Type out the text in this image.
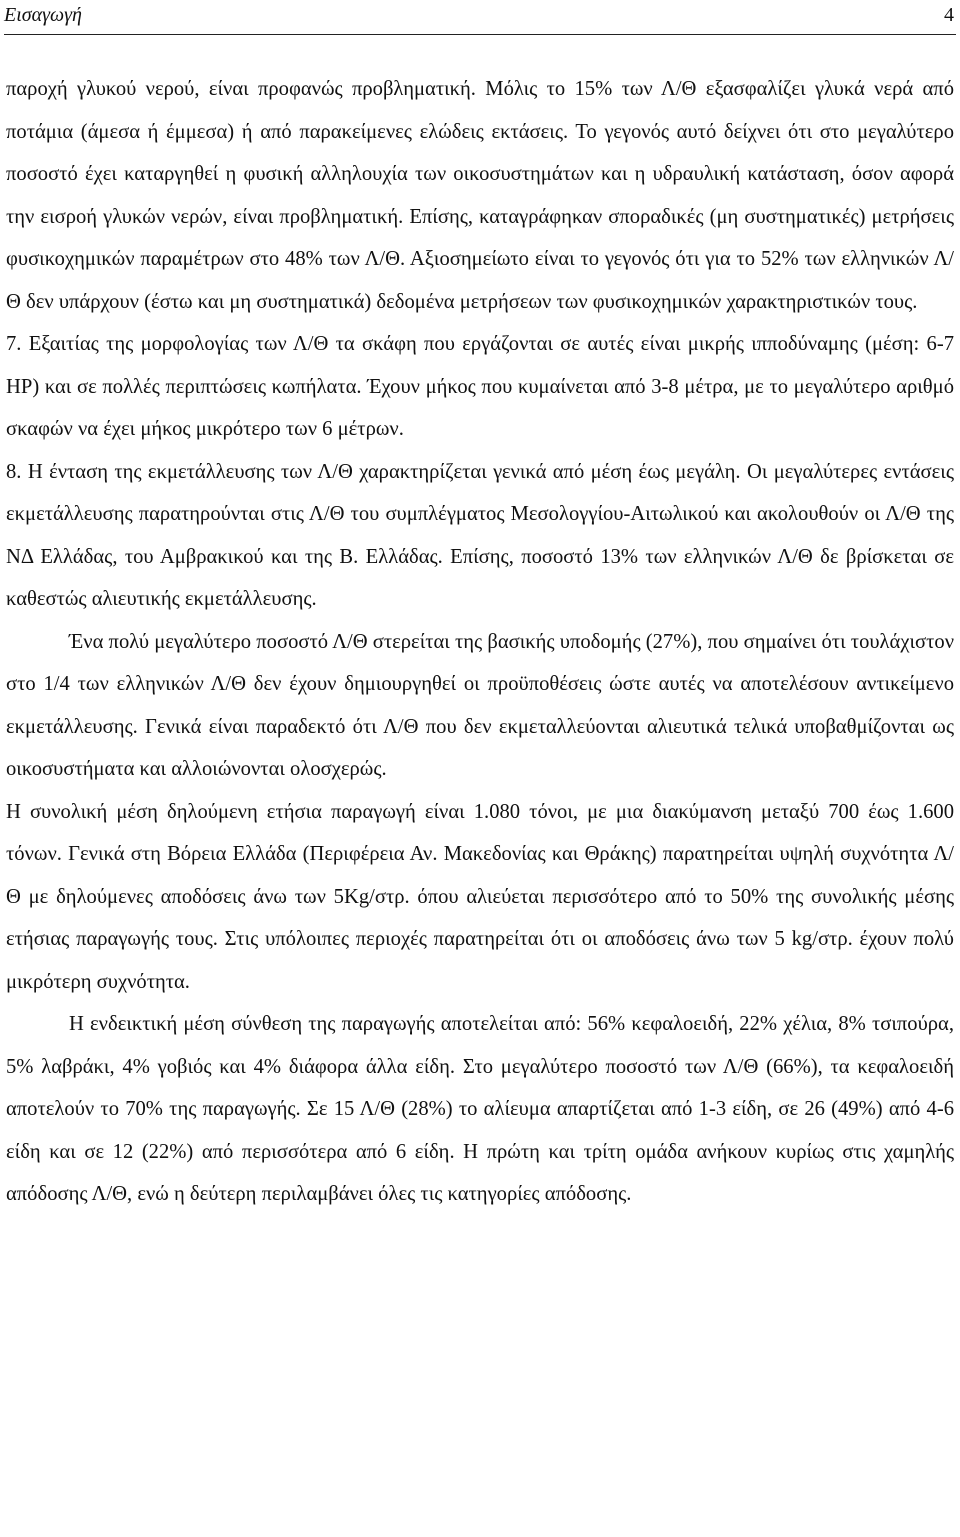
Εισαγωγή	4

παροχή γλυκού νερού, είναι προφανώς προβληματική. Μόλις το 15% των Λ/Θ εξασφαλίζει γλυκά νερά από ποτάμια (άμεσα ή έμμεσα) ή από παρακείμενες ελώδεις εκτάσεις. Το γεγονός αυτό δείχνει ότι στο μεγαλύτερο ποσοστό έχει καταργηθεί η φυσική αλληλουχία των οικοσυστημάτων και η υδραυλική κατάσταση, όσον αφορά την εισροή γλυκών νερών, είναι προβληματική. Επίσης, καταγράφηκαν σποραδικές (μη συστηματικές) μετρήσεις φυσικοχημικών παραμέτρων στο 48% των Λ/Θ. Αξιοσημείωτο είναι το γεγονός ότι για το 52% των ελληνικών Λ/Θ δεν υπάρχουν (έστω και μη συστηματικά) δεδομένα μετρήσεων των φυσικοχημικών χαρακτηριστικών τους.

7. Εξαιτίας της μορφολογίας των Λ/Θ τα σκάφη που εργάζονται σε αυτές είναι μικρής ιπποδύναμης (μέση: 6-7 HP) και σε πολλές περιπτώσεις κωπήλατα. Έχουν μήκος που κυμαίνεται από 3-8 μέτρα, με το μεγαλύτερο αριθμό σκαφών να έχει μήκος μικρότερο των 6 μέτρων.

8. Η ένταση της εκμετάλλευσης των Λ/Θ χαρακτηρίζεται γενικά από μέση έως μεγάλη. Οι μεγαλύτερες εντάσεις εκμετάλλευσης παρατηρούνται στις Λ/Θ του συμπλέγματος Μεσολογγίου-Αιτωλικού και ακολουθούν οι Λ/Θ της ΝΔ Ελλάδας, του Αμβρακικού και της Β. Ελλάδας. Επίσης, ποσοστό 13% των ελληνικών Λ/Θ δε βρίσκεται σε καθεστώς αλιευτικής εκμετάλλευσης.

Ένα πολύ μεγαλύτερο ποσοστό Λ/Θ στερείται της βασικής υποδομής (27%), που σημαίνει ότι τουλάχιστον στο 1/4 των ελληνικών Λ/Θ δεν έχουν δημιουργηθεί οι προϋποθέσεις ώστε αυτές να αποτελέσουν αντικείμενο εκμετάλλευσης. Γενικά είναι παραδεκτό ότι Λ/Θ που δεν εκμεταλλεύονται αλιευτικά τελικά υποβαθμίζονται ως οικοσυστήματα και αλλοιώνονται ολοσχερώς.

Η συνολική μέση δηλούμενη ετήσια παραγωγή είναι 1.080 τόνοι, με μια διακύμανση μεταξύ 700 έως 1.600 τόνων. Γενικά στη Βόρεια Ελλάδα (Περιφέρεια Αν. Μακεδονίας και Θράκης) παρατηρείται υψηλή συχνότητα Λ/Θ με δηλούμενες αποδόσεις άνω των 5Kg/στρ. όπου αλιεύεται περισσότερο από το 50% της συνολικής μέσης ετήσιας παραγωγής τους. Στις υπόλοιπες περιοχές παρατηρείται ότι οι αποδόσεις άνω των 5 kg/στρ. έχουν πολύ μικρότερη συχνότητα.

Η ενδεικτική μέση σύνθεση της παραγωγής αποτελείται από: 56% κεφαλοειδή, 22% χέλια, 8% τσιπούρα, 5% λαβράκι, 4% γοβιός και 4% διάφορα άλλα είδη. Στο μεγαλύτερο ποσοστό των Λ/Θ (66%), τα κεφαλοειδή αποτελούν το 70% της παραγωγής. Σε 15 Λ/Θ (28%) το αλίευμα απαρτίζεται από 1-3 είδη, σε 26 (49%) από 4-6 είδη και σε 12 (22%) από περισσότερα από 6 είδη. Η πρώτη και τρίτη ομάδα ανήκουν κυρίως στις χαμηλής απόδοσης Λ/Θ, ενώ η δεύτερη περιλαμβάνει όλες τις κατηγορίες απόδοσης.
